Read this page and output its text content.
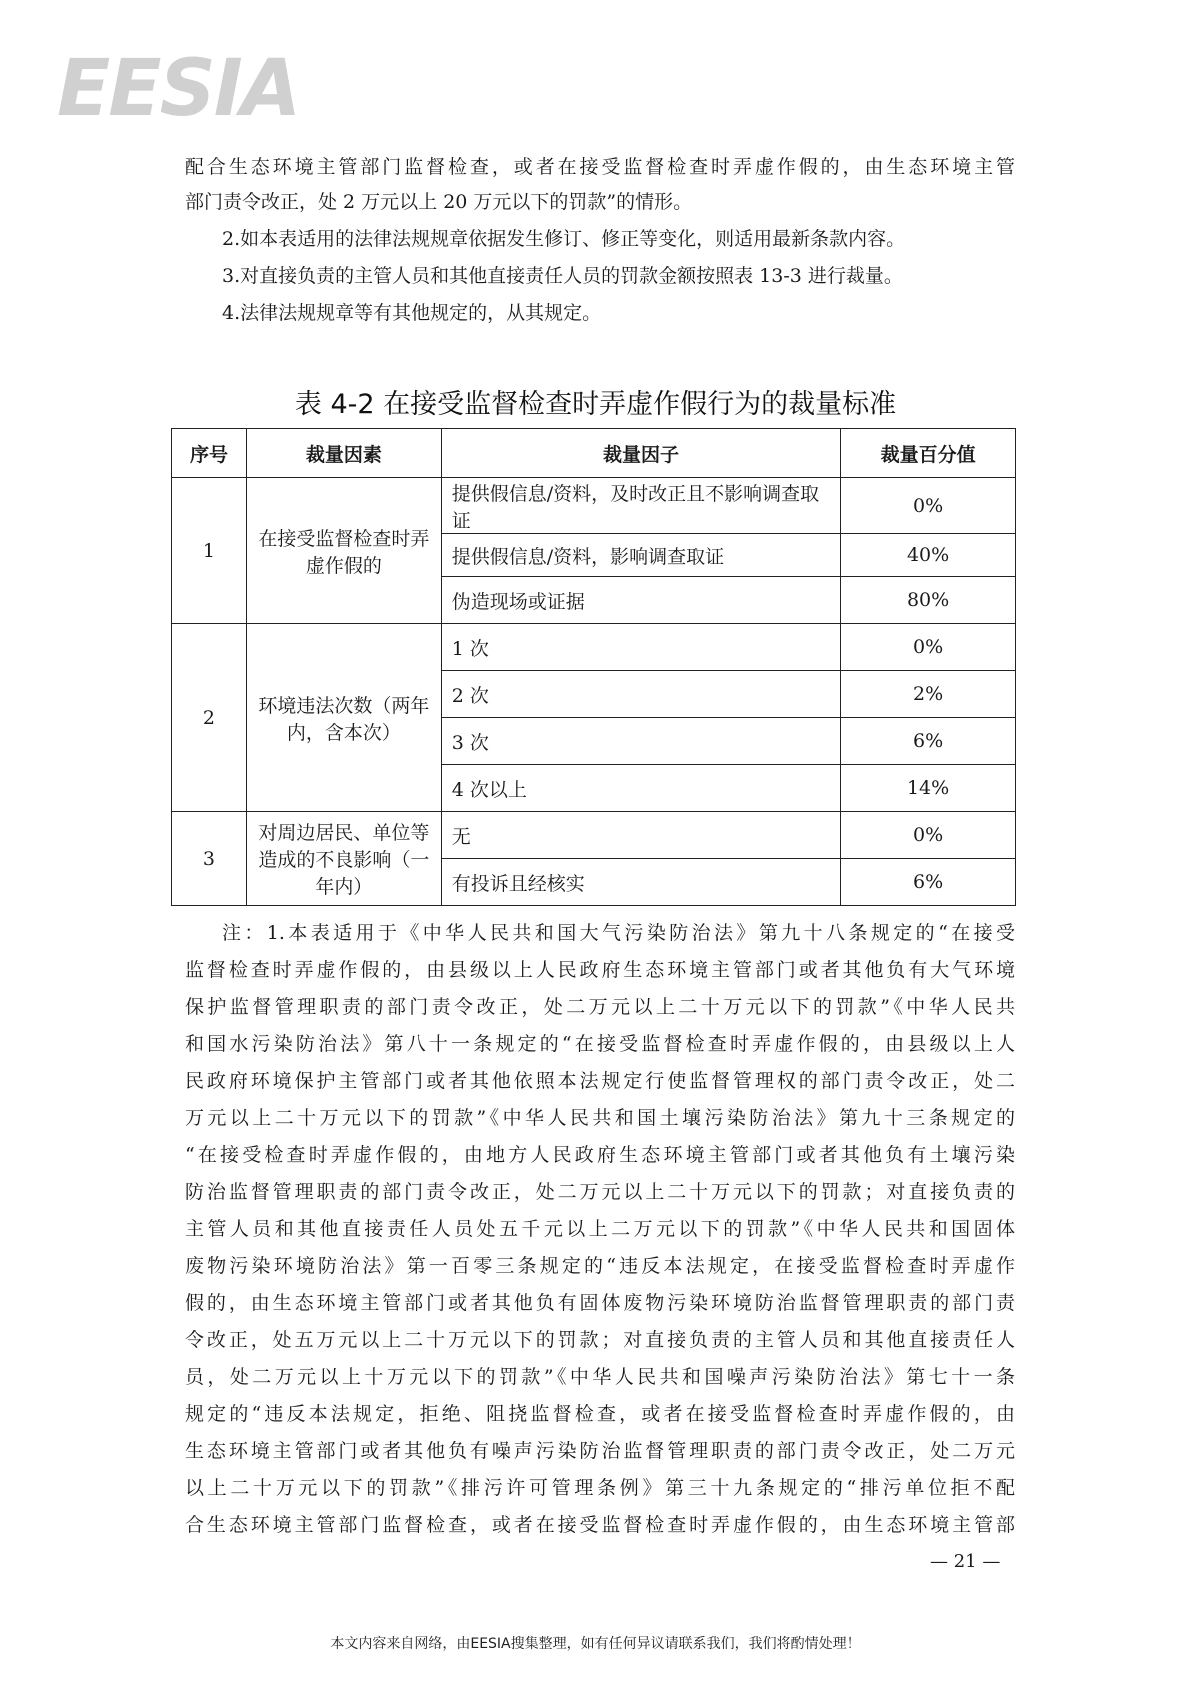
EESIA
配合生态环境主管部门监督检查，或者在接受监督检查时弄虚作假的，由生态环境主管
部门责令改正，处 2 万元以上 20 万元以下的罚款”的情形。
2.如本表适用的法律法规规章依据发生修订、修正等变化，则适用最新条款内容。
3.对直接负责的主管人员和其他直接责任人员的罚款金额按照表 13-3 进行裁量。
4.法律法规规章等有其他规定的，从其规定。
表 4-2 在接受监督检查时弄虚作假行为的裁量标准
序号	裁量因素	裁量因子	裁量百分值
1	在接受监督检查时弄虚作假的	提供假信息/资料，及时改正且不影响调查取证	0%
		提供假信息/资料，影响调查取证	40%
		伪造现场或证据	80%
2	环境违法次数（两年内，含本次）	1 次	0%
		2 次	2%
		3 次	6%
		4 次以上	14%
3	对周边居民、单位等造成的不良影响（一年内）	无	0%
		有投诉且经核实	6%
注：1.本表适用于《中华人民共和国大气污染防治法》第九十八条规定的“在接受
监督检查时弄虚作假的，由县级以上人民政府生态环境主管部门或者其他负有大气环境
保护监督管理职责的部门责令改正，处二万元以上二十万元以下的罚款”《中华人民共
和国水污染防治法》第八十一条规定的“在接受监督检查时弄虚作假的，由县级以上人
民政府环境保护主管部门或者其他依照本法规定行使监督管理权的部门责令改正，处二
万元以上二十万元以下的罚款”《中华人民共和国土壤污染防治法》第九十三条规定的
“在接受检查时弄虚作假的，由地方人民政府生态环境主管部门或者其他负有土壤污染
防治监督管理职责的部门责令改正，处二万元以上二十万元以下的罚款；对直接负责的
主管人员和其他直接责任人员处五千元以上二万元以下的罚款”《中华人民共和国固体
废物污染环境防治法》第一百零三条规定的“违反本法规定，在接受监督检查时弄虚作
假的，由生态环境主管部门或者其他负有固体废物污染环境防治监督管理职责的部门责
令改正，处五万元以上二十万元以下的罚款；对直接负责的主管人员和其他直接责任人
员，处二万元以上十万元以下的罚款”《中华人民共和国噪声污染防治法》第七十一条
规定的“违反本法规定，拒绝、阻挠监督检查，或者在接受监督检查时弄虚作假的，由
生态环境主管部门或者其他负有噪声污染防治监督管理职责的部门责令改正，处二万元
以上二十万元以下的罚款”《排污许可管理条例》第三十九条规定的“排污单位拒不配
合生态环境主管部门监督检查，或者在接受监督检查时弄虚作假的，由生态环境主管部
— 21 —
本文内容来自网络，由EESIA搜集整理，如有任何异议请联系我们，我们将酌情处理！
